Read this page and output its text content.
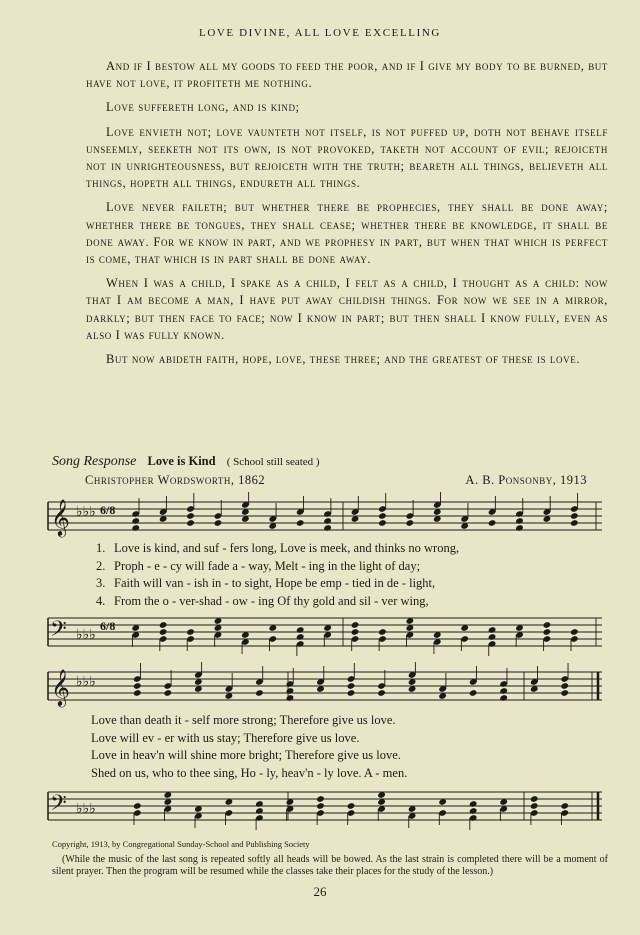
LOVE DIVINE, ALL LOVE EXCELLING

And if I bestow all my goods to feed the poor, and if I give my body to be burned, but have not love, it profiteth me nothing.

Love suffereth long, and is kind;

Love envieth not; love vaunteth not itself, is not puffed up, doth not behave itself unseemly, seeketh not its own, is not provoked, taketh not account of evil; rejoiceth not in unrighteousness, but rejoiceth with the truth; beareth all things, believeth all things, hopeth all things, endureth all things.

Love never faileth; but whether there be prophecies, they shall be done away; whether there be tongues, they shall cease; whether there be knowledge, it shall be done away. For we know in part, and we prophesy in part, but when that which is perfect is come, that which is in part shall be done away.

When I was a child, I spake as a child, I felt as a child, I thought as a child: now that I am become a man, I have put away childish things. For now we see in a mirror, darkly; but then face to face; now I know in part; but then shall I know fully, even as also I was fully known.

But now abideth faith, hope, love, these three; and the greatest of these is love.

Song Response Love is Kind ( School still seated )
Christopher Wordsworth, 1862	A. B. Ponsonby, 1913
𝄞 ♭♭♭ 6/8
1. Love is kind, and suf - fers long, Love is meek, and thinks no wrong,
2. Proph - e - cy will fade a - way, Melt - ing in the light of day;
3. Faith will van - ish in - to sight, Hope be emp - tied in de - light,
4. From the o - ver-shad - ow - ing Of thy gold and sil - ver wing,
𝄢 ♭♭♭
6/8
𝄞 ♭♭♭
Love than death it - self more strong; Therefore give us love.
Love will ev - er with us stay; Therefore give us love.
Love in heav'n will shine more bright; Therefore give us love.
Shed on us, who to thee sing, Ho - ly, heav'n - ly love. A - men.
𝄢 ♭♭♭
Copyright, 1913, by Congregational Sunday-School and Publishing Society
(While the music of the last song is repeated softly all heads will be bowed. As the last strain is completed there will be a moment of silent prayer. Then the program will be resumed while the classes take their places for the study of the lesson.)
26
